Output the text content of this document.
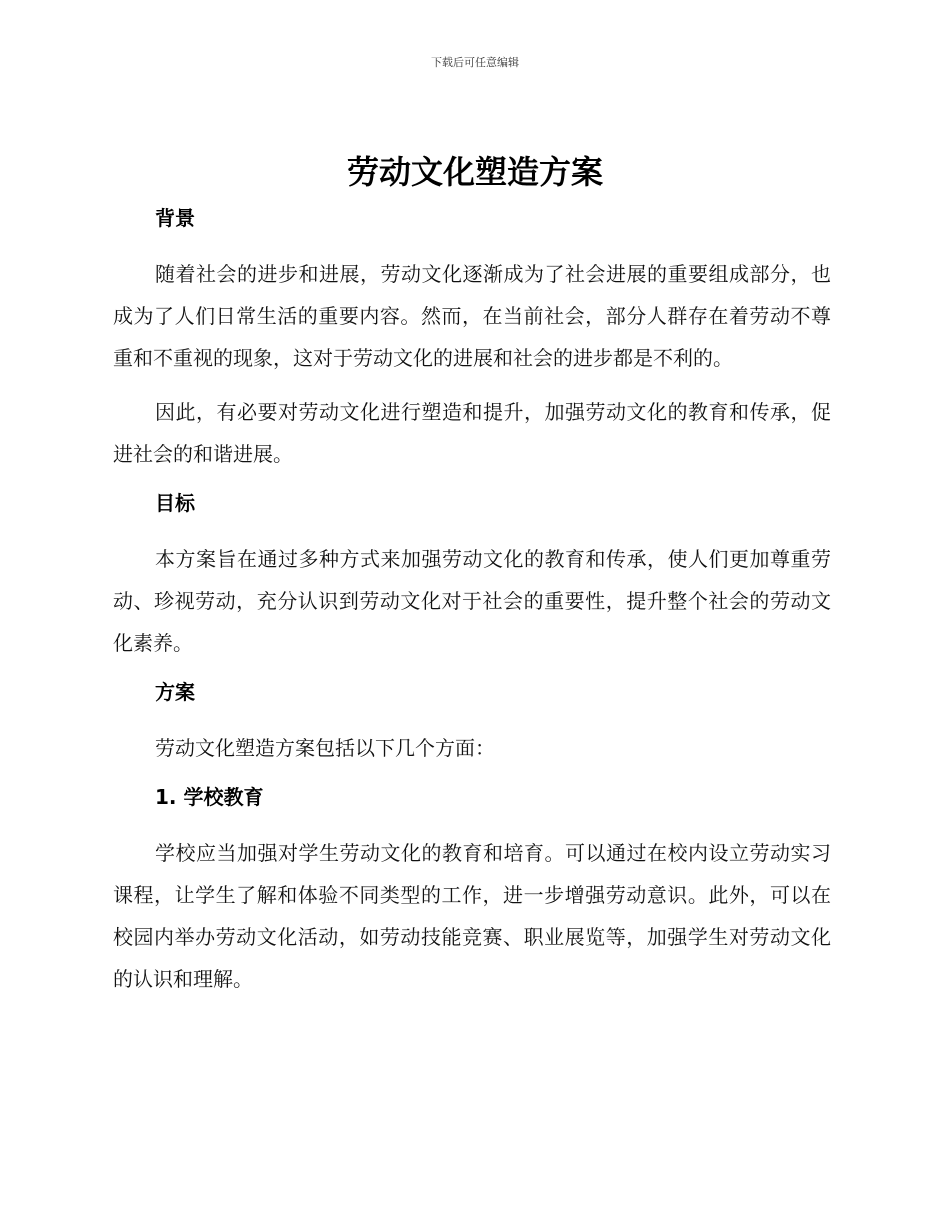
下载后可任意编辑
劳动文化塑造方案
背景

随着社会的进步和进展，劳动文化逐渐成为了社会进展的重要组成部分，也成为了人们日常生活的重要内容。然而，在当前社会，部分人群存在着劳动不尊重和不重视的现象，这对于劳动文化的进展和社会的进步都是不利的。

因此，有必要对劳动文化进行塑造和提升，加强劳动文化的教育和传承，促进社会的和谐进展。

目标

本方案旨在通过多种方式来加强劳动文化的教育和传承，使人们更加尊重劳动、珍视劳动，充分认识到劳动文化对于社会的重要性，提升整个社会的劳动文化素养。

方案

劳动文化塑造方案包括以下几个方面：

1. 学校教育

学校应当加强对学生劳动文化的教育和培育。可以通过在校内设立劳动实习课程，让学生了解和体验不同类型的工作，进一步增强劳动意识。此外，可以在校园内举办劳动文化活动，如劳动技能竞赛、职业展览等，加强学生对劳动文化的认识和理解。
